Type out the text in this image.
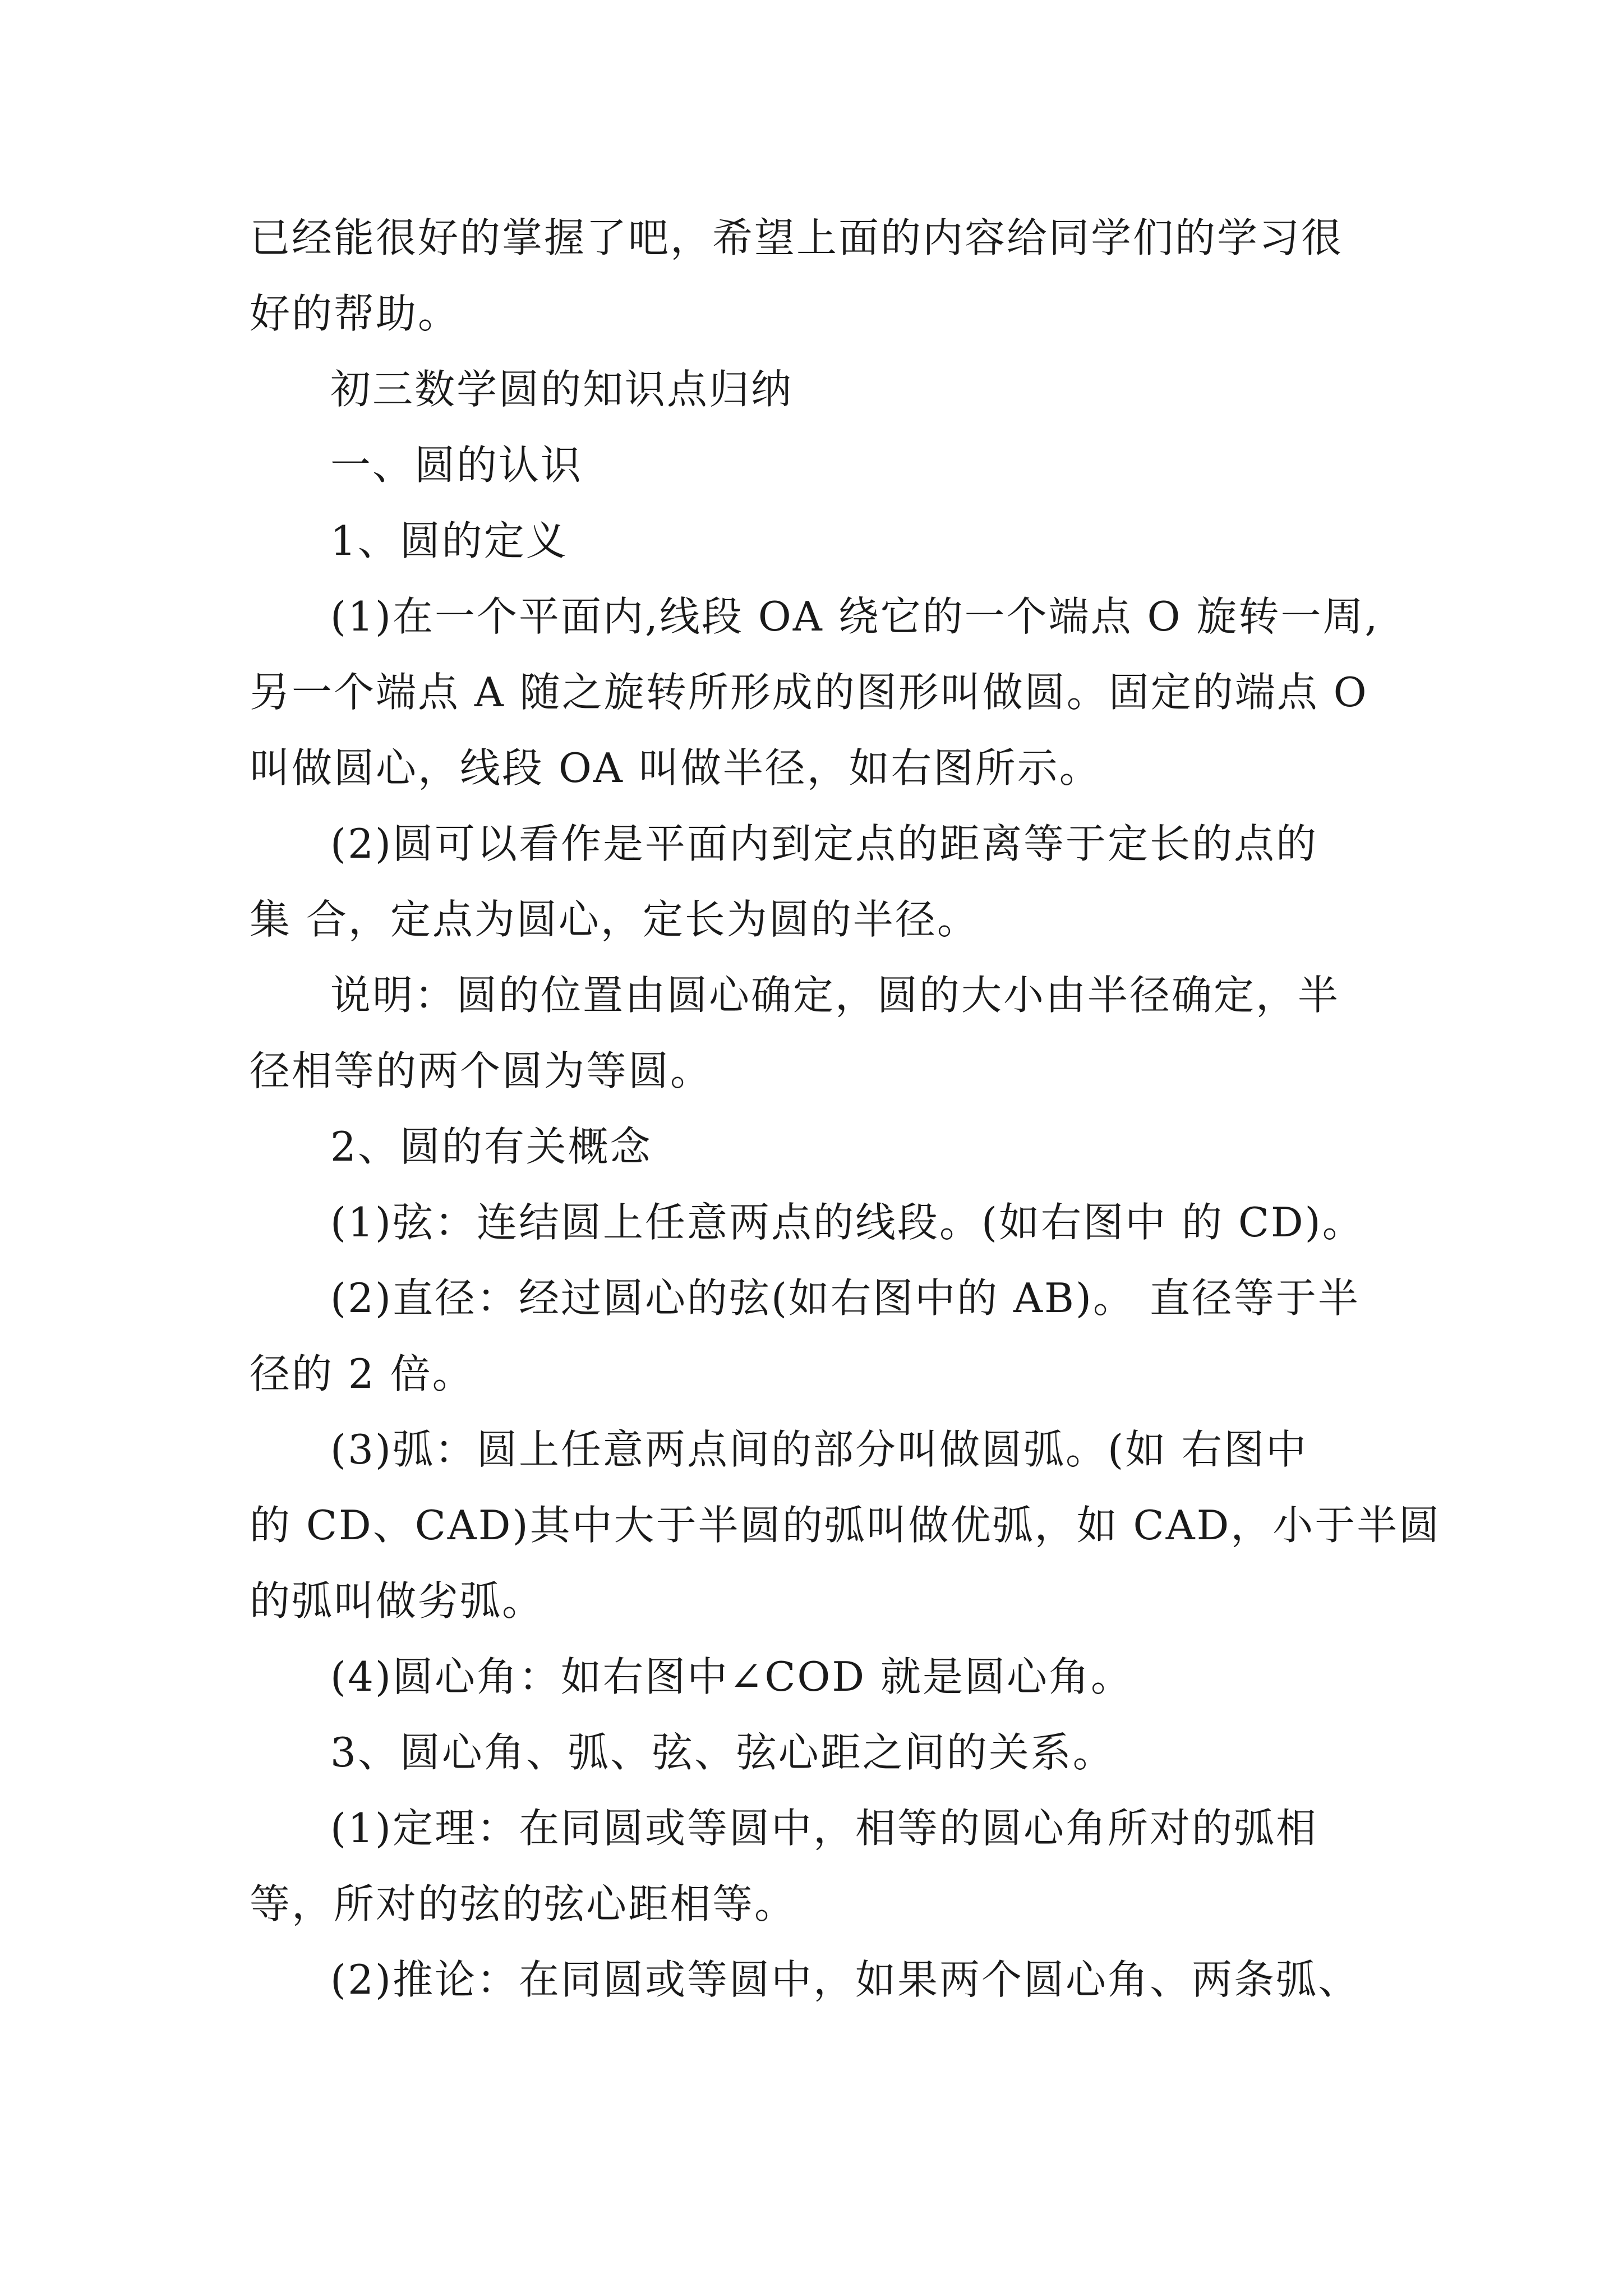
已经能很好的掌握了吧，希望上面的内容给同学们的学习很
好的帮助。
初三数学圆的知识点归纳
一、圆的认识
1、圆的定义
(1)在一个平面内,线段 OA 绕它的一个端点 O 旋转一周,
另一个端点 A 随之旋转所形成的图形叫做圆。固定的端点 O
叫做圆心，线段 OA 叫做半径，如右图所示。
(2)圆可以看作是平面内到定点的距离等于定长的点的
集 合，定点为圆心，定长为圆的半径。
说明：圆的位置由圆心确定，圆的大小由半径确定，半
径相等的两个圆为等圆。
2、圆的有关概念
(1)弦：连结圆上任意两点的线段。(如右图中 的 CD)。
(2)直径：经过圆心的弦(如右图中的 AB)。 直径等于半
径的 2 倍。
(3)弧：圆上任意两点间的部分叫做圆弧。(如 右图中
的 CD、CAD)其中大于半圆的弧叫做优弧，如 CAD，小于半圆
的弧叫做劣弧。
(4)圆心角：如右图中∠COD 就是圆心角。
3、圆心角、弧、弦、弦心距之间的关系。
(1)定理：在同圆或等圆中，相等的圆心角所对的弧相
等，所对的弦的弦心距相等。
(2)推论：在同圆或等圆中，如果两个圆心角、两条弧、
